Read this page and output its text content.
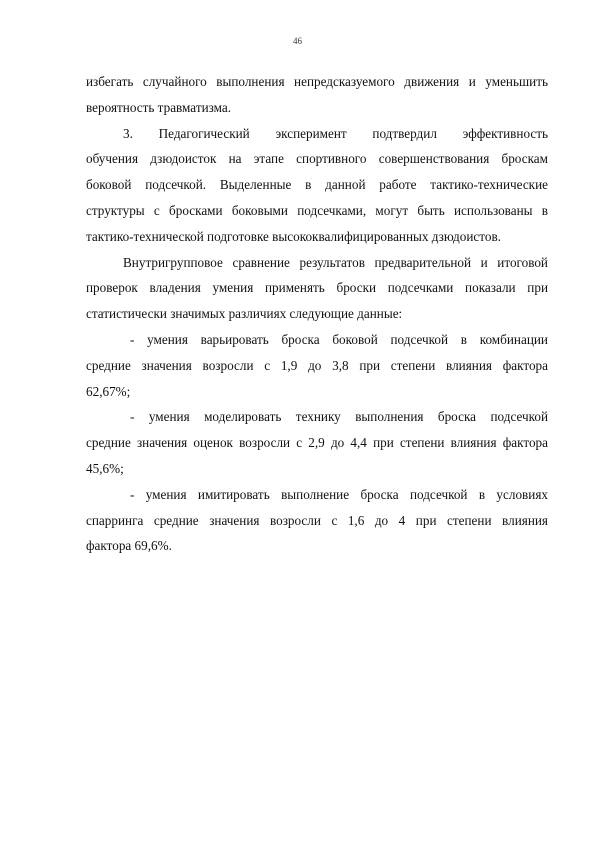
46
избегать случайного выполнения непредсказуемого движения и уменьшить
вероятность травматизма.
3. Педагогический эксперимент подтвердил эффективность
обучения дзюдоисток на этапе спортивного совершенствования броскам
боковой подсечкой. Выделенные в данной работе тактико-технические
структуры с бросками боковыми подсечками, могут быть использованы в
тактико-технической подготовке высококвалифицированных дзюдоистов.
Внутригрупповое сравнение результатов предварительной и итоговой
проверок владения умения применять броски подсечками показали при
статистически значимых различиях следующие данные:
- умения варьировать броска боковой подсечкой в комбинации
средние значения возросли с 1,9 до 3,8 при степени влияния фактора
62,67%;
- умения моделировать технику выполнения броска подсечкой
средние значения оценок возросли с 2,9 до 4,4 при степени влияния фактора
45,6%;
- умения имитировать выполнение броска подсечкой в условиях
спарринга средние значения возросли с 1,6 до 4 при степени влияния
фактора 69,6%.
